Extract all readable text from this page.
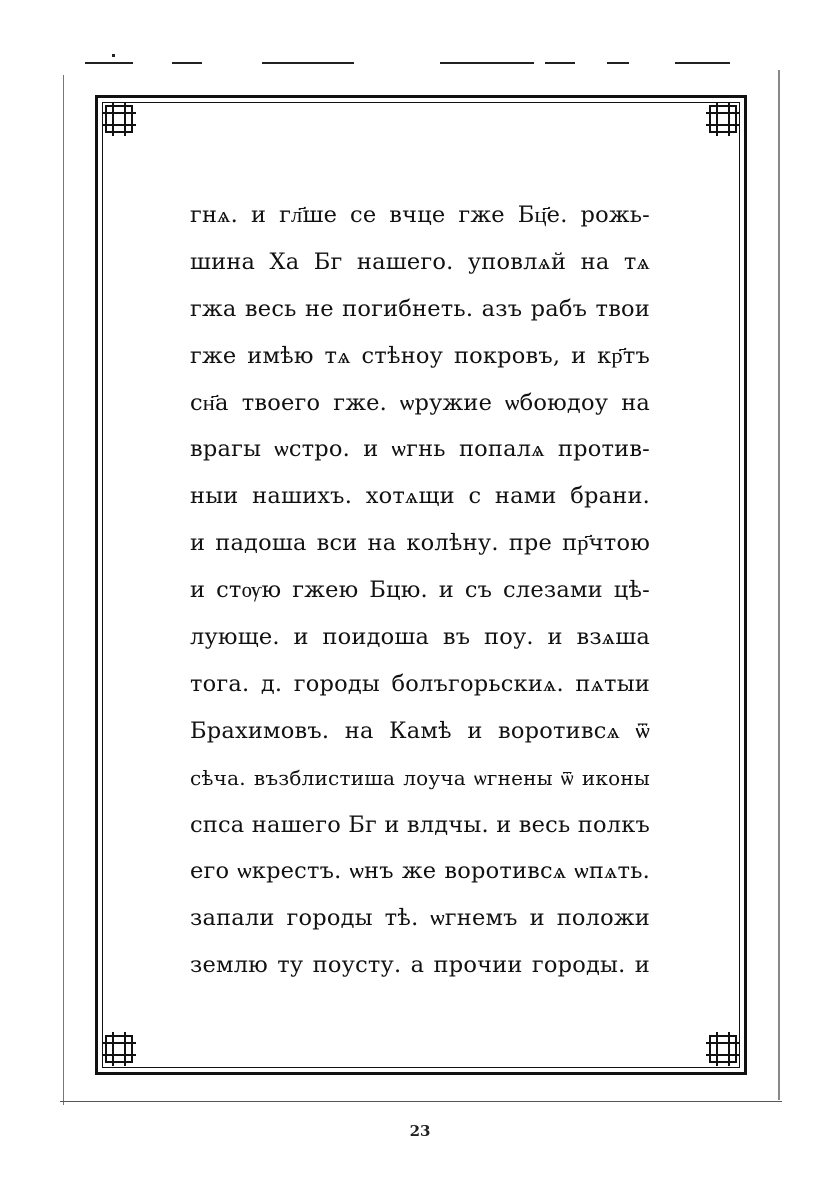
гнѧ. и гл҃ше се вчце гже Бц҃е. рожь-
шина Ха Бг нашего. уповлѧй на тѧ
гжа весь не погибнеть. азъ рабъ твои
гже имѣю тѧ стѣноу покровъ, и кр҃тъ
сн҃а твоего гже. ѡружие ѡбоюдоу на
врагы ѡстро. и ѡгнь попалѧ против-
ныи нашихъ. хотѧщи с нами брани.
и падоша вси на колѣну. пре пр҃чтою
и стѹю гжею Бцю. и съ слезами цѣ-
лующе. и поидоша въ поу. и взѧша
тога. д. городы болъгорьскиѧ. пѧтыи
Брахимовъ. на Камѣ и воротивсѧ ѿ
сѣча. възблистиша лоуча ѡгнены ѿ иконы
спса нашего Бг и влдчы. и весь полкъ
его ѡкрестъ. ѡнъ же воротивсѧ ѡпѧть.
запали городы тѣ. ѡгнемъ и положи
землю ту поусту. а прочии городы. и
23
